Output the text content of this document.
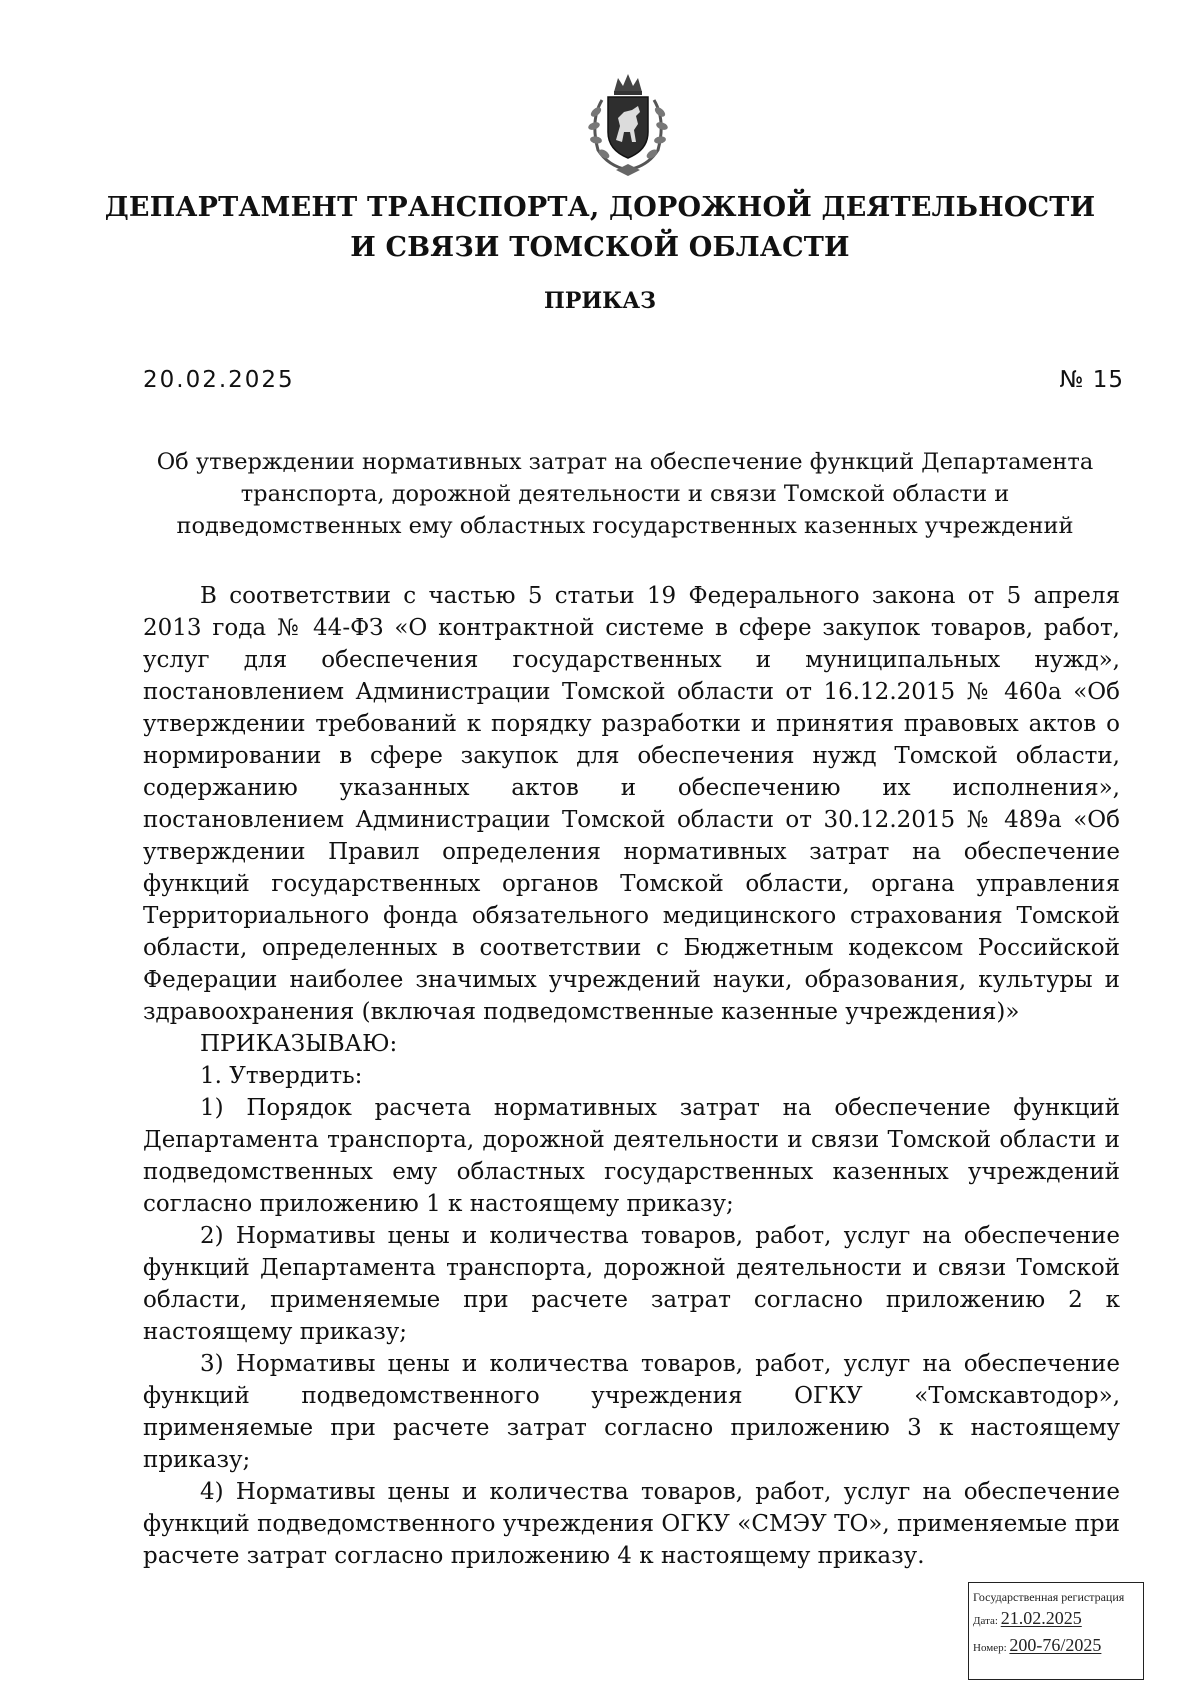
ДЕПАРТАМЕНТ ТРАНСПОРТА, ДОРОЖНОЙ ДЕЯТЕЛЬНОСТИ
И СВЯЗИ ТОМСКОЙ ОБЛАСТИ
ПРИКАЗ
20.02.2025	№ 15

Об утверждении нормативных затрат на обеспечение функций Департамента транспорта, дорожной деятельности и связи Томской области и подведомственных ему областных государственных казенных учреждений

В соответствии с частью 5 статьи 19 Федерального закона от 5 апреля 2013 года № 44-ФЗ «О контрактной системе в сфере закупок товаров, работ, услуг для обеспечения государственных и муниципальных нужд», постановлением Администрации Томской области от 16.12.2015 № 460а «Об утверждении требований к порядку разработки и принятия правовых актов о нормировании в сфере закупок для обеспечения нужд Томской области, содержанию указанных актов и обеспечению их исполнения», постановлением Администрации Томской области от 30.12.2015 № 489а «Об утверждении Правил определения нормативных затрат на обеспечение функций государственных органов Томской области, органа управления Территориального фонда обязательного медицинского страхования Томской области, определенных в соответствии с Бюджетным кодексом Российской Федерации наиболее значимых учреждений науки, образования, культуры и здравоохранения (включая подведомственные казенные учреждения)»

ПРИКАЗЫВАЮ:

1. Утвердить:

1) Порядок расчета нормативных затрат на обеспечение функций Департамента транспорта, дорожной деятельности и связи Томской области и подведомственных ему областных государственных казенных учреждений согласно приложению 1 к настоящему приказу;

2) Нормативы цены и количества товаров, работ, услуг на обеспечение функций Департамента транспорта, дорожной деятельности и связи Томской области, применяемые при расчете затрат согласно приложению 2 к настоящему приказу;

3) Нормативы цены и количества товаров, работ, услуг на обеспечение функций подведомственного учреждения ОГКУ «Томскавтодор», применяемые при расчете затрат согласно приложению 3 к настоящему приказу;

4) Нормативы цены и количества товаров, работ, услуг на обеспечение функций подведомственного учреждения ОГКУ «СМЭУ ТО», применяемые при расчете затрат согласно приложению 4 к настоящему приказу.

Государственная регистрация
Дата: 21.02.2025
Номер: 200-76/2025
